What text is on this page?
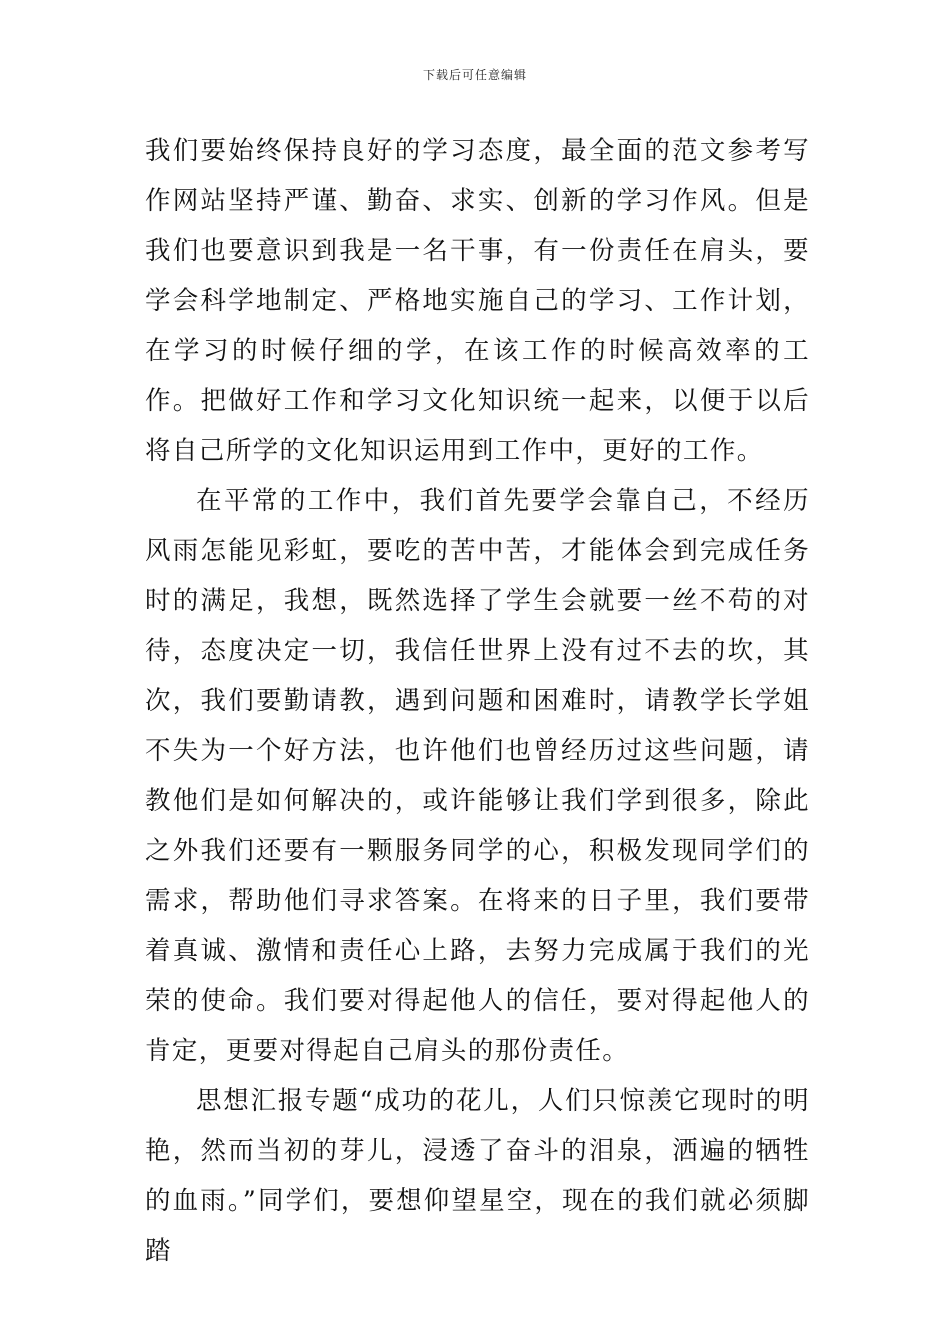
下载后可任意编辑

我们要始终保持良好的学习态度，最全面的范文参考写作网站坚持严谨、勤奋、求实、创新的学习作风。但是我们也要意识到我是一名干事，有一份责任在肩头，要学会科学地制定、严格地实施自己的学习、工作计划，在学习的时候仔细的学，在该工作的时候高效率的工作。把做好工作和学习文化知识统一起来，以便于以后将自己所学的文化知识运用到工作中，更好的工作。

在平常的工作中，我们首先要学会靠自己，不经历风雨怎能见彩虹，要吃的苦中苦，才能体会到完成任务时的满足，我想，既然选择了学生会就要一丝不苟的对待，态度决定一切，我信任世界上没有过不去的坎，其次，我们要勤请教，遇到问题和困难时，请教学长学姐不失为一个好方法，也许他们也曾经历过这些问题，请教他们是如何解决的，或许能够让我们学到很多，除此之外我们还要有一颗服务同学的心，积极发现同学们的需求，帮助他们寻求答案。在将来的日子里，我们要带着真诚、激情和责任心上路，去努力完成属于我们的光荣的使命。我们要对得起他人的信任，要对得起他人的肯定，更要对得起自己肩头的那份责任。

思想汇报专题“成功的花儿，人们只惊羡它现时的明艳，然而当初的芽儿，浸透了奋斗的泪泉，洒遍的牺牲的血雨。”同学们，要想仰望星空，现在的我们就必须脚踏
